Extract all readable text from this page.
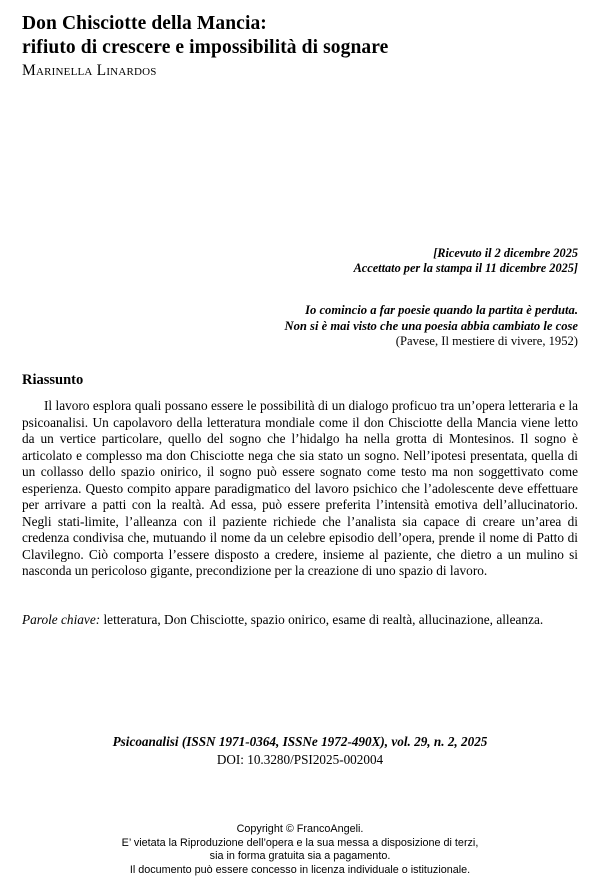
Don Chisciotte della Mancia:
rifiuto di crescere e impossibilità di sognare
Marinella Linardos
[Ricevuto il 2 dicembre 2025
Accettato per la stampa il 11 dicembre 2025]
Io comincio a far poesie quando la partita è perduta.
Non si è mai visto che una poesia abbia cambiato le cose
(Pavese, Il mestiere di vivere, 1952)
Riassunto
Il lavoro esplora quali possano essere le possibilità di un dialogo proficuo tra un’opera letteraria e la psicoanalisi. Un capolavoro della letteratura mondiale come il don Chisciotte della Mancia viene letto da un vertice particolare, quello del sogno che l’hidalgo ha nella grotta di Montesinos. Il sogno è articolato e complesso ma don Chisciotte nega che sia stato un sogno. Nell’ipotesi presentata, quella di un collasso dello spazio onirico, il sogno può essere sognato come testo ma non soggettivato come esperienza. Questo compito appare paradigmatico del lavoro psichico che l’adolescente deve effettuare per arrivare a patti con la realtà. Ad essa, può essere preferita l’intensità emotiva dell’allucinatorio. Negli stati-limite, l’alleanza con il paziente richiede che l’analista sia capace di creare un’area di credenza condivisa che, mutuando il nome da un celebre episodio dell’opera, prende il nome di Patto di Clavilegno. Ciò comporta l’essere disposto a credere, insieme al paziente, che dietro a un mulino si nasconda un pericoloso gigante, precondizione per la creazione di uno spazio di lavoro.
Parole chiave: letteratura, Don Chisciotte, spazio onirico, esame di realtà, allucinazione, alleanza.
Psicoanalisi (ISSN 1971-0364, ISSNe 1972-490X), vol. 29, n. 2, 2025
DOI: 10.3280/PSI2025-002004
Copyright © FrancoAngeli.
E’ vietata la Riproduzione dell’opera e la sua messa a disposizione di terzi,
sia in forma gratuita sia a pagamento.
Il documento può essere concesso in licenza individuale o istituzionale.
